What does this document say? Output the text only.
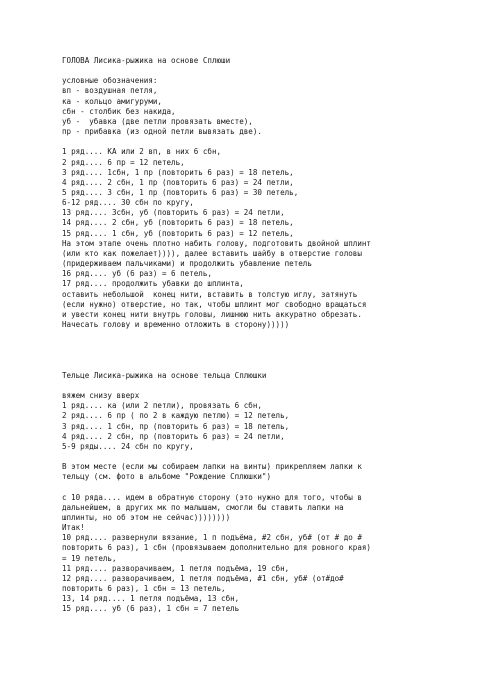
ГОЛОВА Лисика-рыжика на основе Сплюши
условные обозначения:
вп - воздушная петля,
ка - кольцо амигуруми,
сбн - столбик без накида,
уб -  убавка (две петли провязать вместе),
пр - прибавка (из одной петли вывязать две).
1 ряд.... КА или 2 вп, в них 6 сбн,
2 ряд.... 6 пр = 12 петель,
3 ряд.... 1сбн, 1 пр (повторить 6 раз) = 18 петель,
4 ряд.... 2 сбн, 1 пр (повторить 6 раз) = 24 петли,
5 ряд.... 3 сбн, 1 пр (повторить 6 раз) = 30 петель,
6-12 ряд.... 30 сбн по кругу,
13 ряд.... 3сбн, уб (повторить 6 раз) = 24 петли,
14 ряд.... 2 сбн, уб (повторить 6 раз) = 18 петель,
15 ряд.... 1 сбн, уб (повторить 6 раз) = 12 петель,
На этом этапе очень плотно набить голову, подготовить двойной шплинт
(или кто как пожелает)))), далее вставить шайбу в отверстие головы
(придерживаем пальчиками) и продолжить убавление петель
16 ряд.... уб (6 раз) = 6 петель,
17 ряд.... продолжить убавки до шплинта,
оставить небольшой  конец нити, вставить в толстую иглу, затянуть
(если нужно) отверстие, но так, чтобы шплинт мог свободно вращаться
и увести конец нити внутрь головы, лишнюю нить аккуратно обрезать.
Начесать голову и временно отложить в сторону)))))
Тельце Лисика-рыжика на основе тельца Сплюшки
вяжем снизу вверх
1 ряд.... ка (или 2 петли), провязать 6 сбн,
2 ряд.... 6 пр ( по 2 в каждую петлю) = 12 петель,
3 ряд.... 1 сбн, пр (повторить 6 раз) = 18 петель,
4 ряд.... 2 сбн, пр (повторить 6 раз) = 24 петли,
5-9 ряды.... 24 сбн по кругу,
В этом месте (если мы собираем лапки на винты) прикрепляем лапки к
тельцу (см. фото в альбоме "Рождение Сплюшки")
с 10 ряда.... идем в обратную сторону (это нужно для того, чтобы в
дальнейшем, в других мк по малышам, смогли бы ставить лапки на
шплинты, но об этом не сейчас))))))))
Итак!
10 ряд.... развернули вязание, 1 п подъёма, #2 сбн, уб# (от # до #
повторить 6 раз), 1 сбн (провязываем дополнительно для ровного края)
= 19 петель,
11 ряд.... разворачиваем, 1 петля подъёма, 19 сбн,
12 ряд.... разворачиваем, 1 петля подъёма, #1 сбн, уб# (от#до#
повторить 6 раз), 1 сбн = 13 петель,
13, 14 ряд.... 1 петля подъёма, 13 сбн,
15 ряд.... уб (6 раз), 1 сбн = 7 петель
